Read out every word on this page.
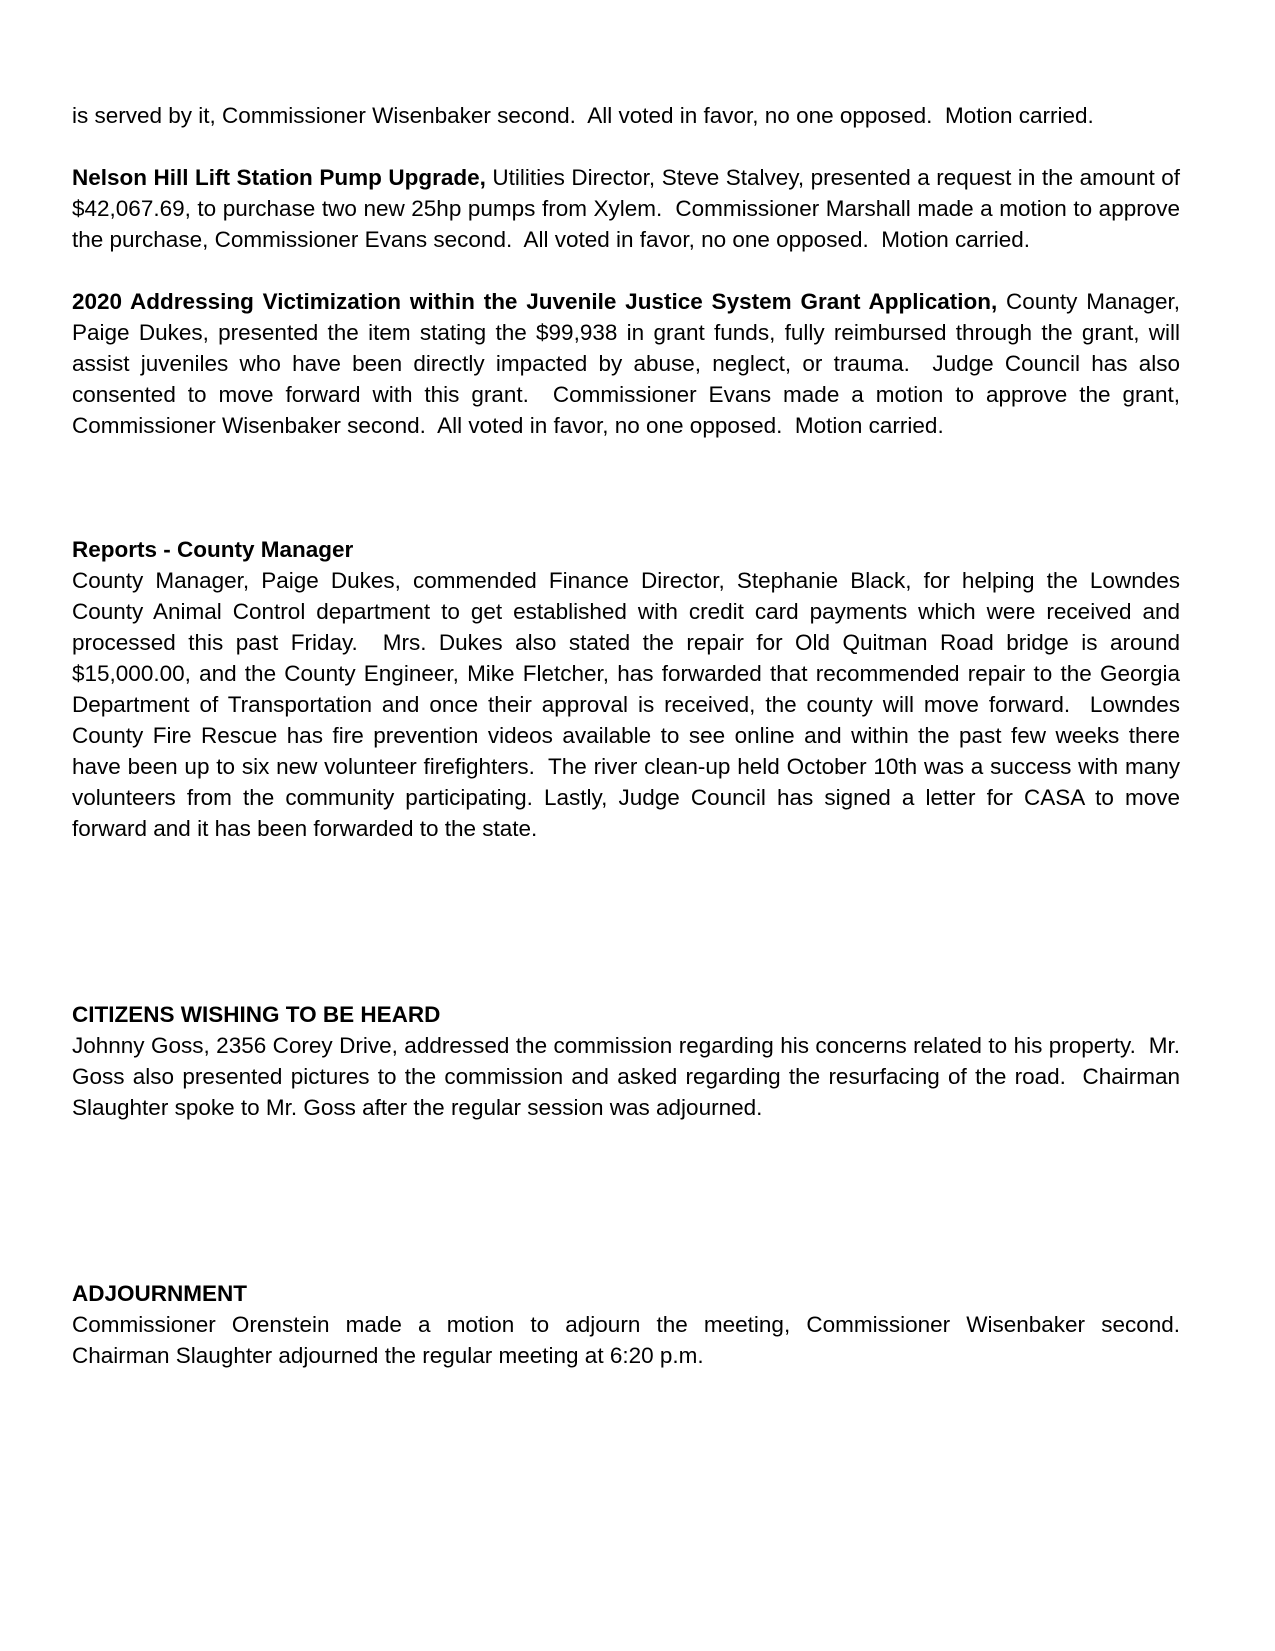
is served by it, Commissioner Wisenbaker second.  All voted in favor, no one opposed.  Motion carried.

Nelson Hill Lift Station Pump Upgrade, Utilities Director, Steve Stalvey, presented a request in the amount of $42,067.69, to purchase two new 25hp pumps from Xylem.  Commissioner Marshall made a motion to approve the purchase, Commissioner Evans second.  All voted in favor, no one opposed.  Motion carried.

2020 Addressing Victimization within the Juvenile Justice System Grant Application, County Manager, Paige Dukes, presented the item stating the $99,938 in grant funds, fully reimbursed through the grant, will assist juveniles who have been directly impacted by abuse, neglect, or trauma.  Judge Council has also consented to move forward with this grant.  Commissioner Evans made a motion to approve the grant, Commissioner Wisenbaker second.  All voted in favor, no one opposed.  Motion carried.

Reports - County Manager
County Manager, Paige Dukes, commended Finance Director, Stephanie Black, for helping the Lowndes County Animal Control department to get established with credit card payments which were received and processed this past Friday.  Mrs. Dukes also stated the repair for Old Quitman Road bridge is around $15,000.00, and the County Engineer, Mike Fletcher, has forwarded that recommended repair to the Georgia Department of Transportation and once their approval is received, the county will move forward.  Lowndes County Fire Rescue has fire prevention videos available to see online and within the past few weeks there have been up to six new volunteer firefighters.  The river clean-up held October 10th was a success with many volunteers from the community participating. Lastly, Judge Council has signed a letter for CASA to move forward and it has been forwarded to the state.

CITIZENS WISHING TO BE HEARD
Johnny Goss, 2356 Corey Drive, addressed the commission regarding his concerns related to his property.  Mr. Goss also presented pictures to the commission and asked regarding the resurfacing of the road.  Chairman Slaughter spoke to Mr. Goss after the regular session was adjourned.

ADJOURNMENT
Commissioner Orenstein made a motion to adjourn the meeting, Commissioner Wisenbaker second.  Chairman Slaughter adjourned the regular meeting at 6:20 p.m.
